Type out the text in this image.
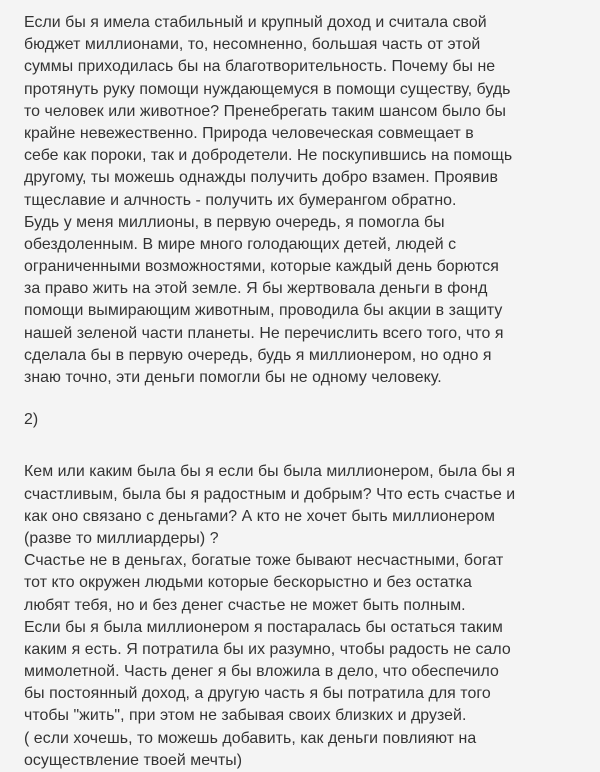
Если бы я имела стабильный и крупный доход и считала свой
бюджет миллионами, то, несомненно, большая часть от этой
суммы приходилась бы на благотворительность. Почему бы не
протянуть руку помощи нуждающемуся в помощи существу, будь
то человек или животное? Пренебрегать таким шансом было бы
крайне невежественно. Природа человеческая совмещает в
себе как пороки, так и добродетели. Не поскупившись на помощь
другому, ты можешь однажды получить добро взамен. Проявив
тщеславие и алчность - получить их бумерангом обратно.
Будь у меня миллионы, в первую очередь, я помогла бы
обездоленным. В мире много голодающих детей, людей с
ограниченными возможностями, которые каждый день борются
за право жить на этой земле. Я бы жертвовала деньги в фонд
помощи вымирающим животным, проводила бы акции в защиту
нашей зеленой части планеты. Не перечислить всего того, что я
сделала бы в первую очередь, будь я миллионером, но одно я
знаю точно, эти деньги помогли бы не одному человеку.
2)
Кем или каким была бы я если бы была миллионером, была бы я
счастливым, была бы я радостным и добрым? Что есть счастье и
как оно связано с деньгами? А кто не хочет быть миллионером
(разве то миллиардеры) ?
Счастье не в деньгах, богатые тоже бывают несчастными, богат
тот кто окружен людьми которые бескорыстно и без остатка
любят тебя, но и без денег счастье не может быть полным.
Если бы я была миллионером я постаралась бы остаться таким
каким я есть. Я потратила бы их разумно, чтобы радость не сало
мимолетной. Часть денег я бы вложила в дело, что обеспечило
бы постоянный доход, а другую часть я бы потратила для того
чтобы "жить", при этом не забывая своих близких и друзей.
( если хочешь, то можешь добавить, как деньги повлияют на
осуществление твоей мечты)
